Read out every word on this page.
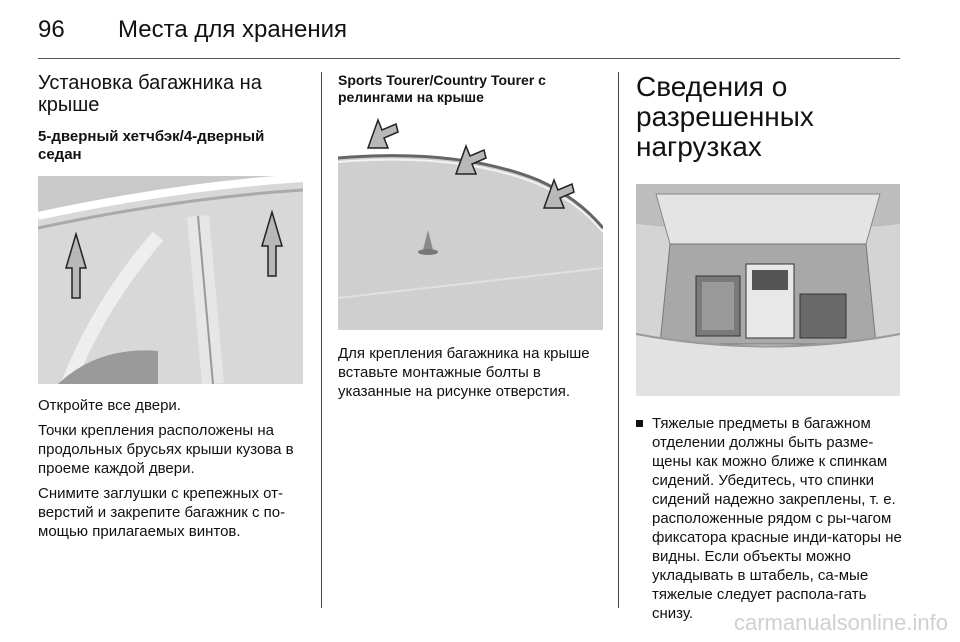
96 Места для хранения
Установка багажника на крыше
5-дверный хетчбэк/4-дверный седан
Откройте все двери.
Точки крепления расположены на продольных брусьях крыши кузова в проеме каждой двери.
Снимите заглушки с крепежных от-верстий и закрепите багажник с по-мощью прилагаемых винтов.
Sports Tourer/Country Tourer с релингами на крыше
Для крепления багажника на крыше вставьте монтажные болты в указанные на рисунке отверстия.
Сведения о разрешенных нагрузках
Тяжелые предметы в багажном отделении должны быть разме-щены как можно ближе к спинкам сидений. Убедитесь, что спинки сидений надежно закреплены, т. е. расположенные рядом с ры-чагом фиксатора красные инди-каторы не видны. Если объекты можно укладывать в штабель, са-мые тяжелые следует распола-гать снизу.	carmanualsonline.info
